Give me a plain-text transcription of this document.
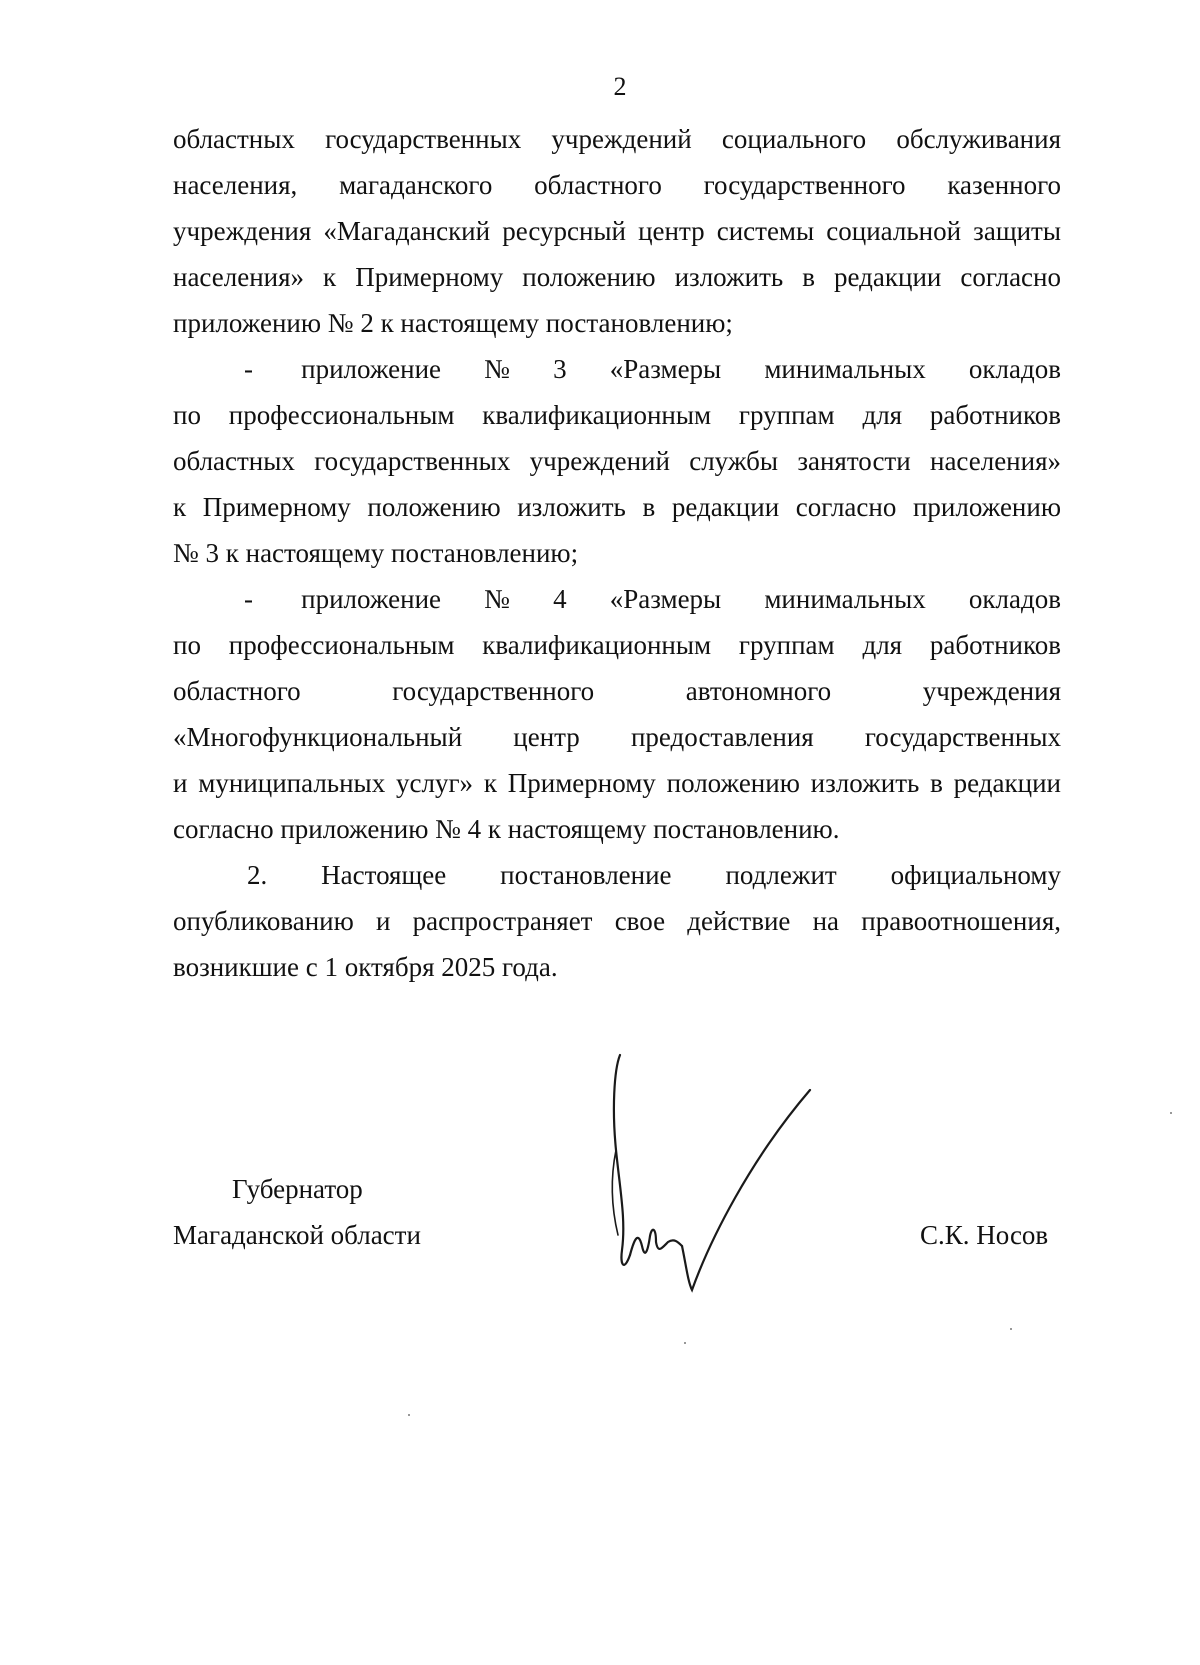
2
областных государственных учреждений социального обслуживания
населения, магаданского областного государственного казенного
учреждения «Магаданский ресурсный центр системы социальной защиты
населения» к Примерному положению изложить в редакции согласно
приложению № 2 к настоящему постановлению;
- приложение № 3 «Размеры минимальных окладов
по профессиональным квалификационным группам для работников
областных государственных учреждений службы занятости населения»
к Примерному положению изложить в редакции согласно приложению
№ 3 к настоящему постановлению;
- приложение № 4 «Размеры минимальных окладов
по профессиональным квалификационным группам для работников
областного государственного автономного учреждения
«Многофункциональный центр предоставления государственных
и муниципальных услуг» к Примерному положению изложить в редакции
согласно приложению № 4 к настоящему постановлению.
2. Настоящее постановление подлежит официальному
опубликованию и распространяет свое действие на правоотношения,
возникшие с 1 октября 2025 года.
Губернатор
Магаданской области	С.К. Носов
